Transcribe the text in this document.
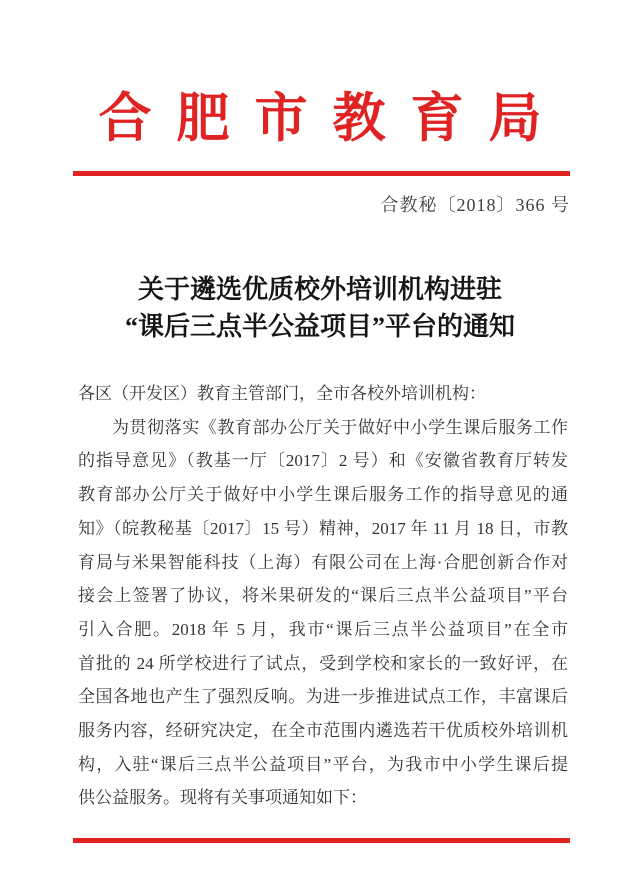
合肥市教育局
合教秘〔2018〕366 号
关于遴选优质校外培训机构进驻
“课后三点半公益项目”平台的通知
各区（开发区）教育主管部门，全市各校外培训机构：
为贯彻落实《教育部办公厅关于做好中小学生课后服务工作
的指导意见》（教基一厅〔2017〕2 号）和《安徽省教育厅转发
教育部办公厅关于做好中小学生课后服务工作的指导意见的通
知》（皖教秘基〔2017〕15 号）精神，2017 年 11 月 18 日，市教
育局与米果智能科技（上海）有限公司在上海·合肥创新合作对
接会上签署了协议，将米果研发的“课后三点半公益项目”平台
引入合肥。2018 年 5 月，我市“课后三点半公益项目”在全市
首批的 24 所学校进行了试点，受到学校和家长的一致好评，在
全国各地也产生了强烈反响。为进一步推进试点工作，丰富课后
服务内容，经研究决定，在全市范围内遴选若干优质校外培训机
构，入驻“课后三点半公益项目”平台，为我市中小学生课后提
供公益服务。现将有关事项通知如下：
